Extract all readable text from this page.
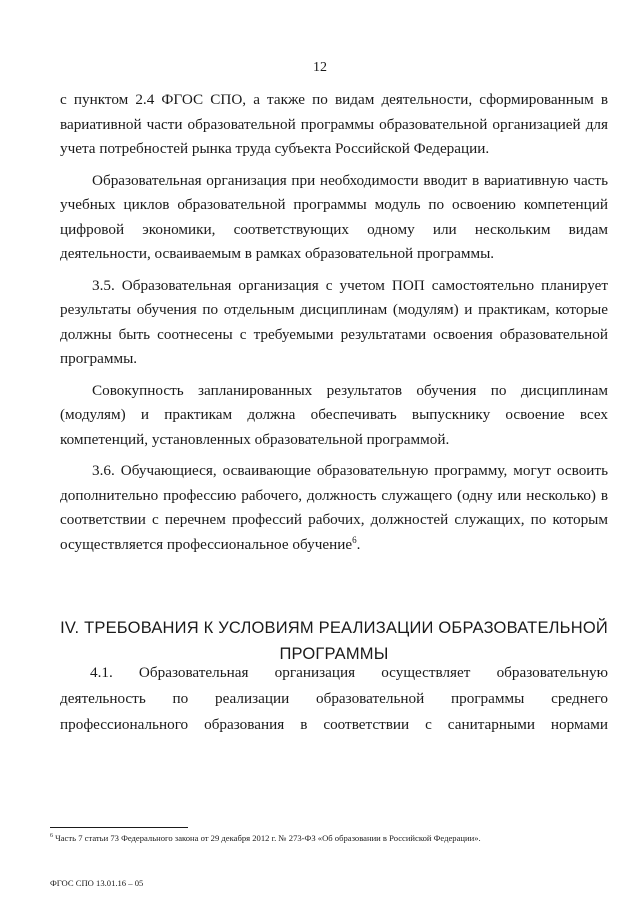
12

с пунктом 2.4 ФГОС СПО, а также по видам деятельности, сформированным в вариативной части образовательной программы образовательной организацией для учета потребностей рынка труда субъекта Российской Федерации.

Образовательная организация при необходимости вводит в вариативную часть учебных циклов образовательной программы модуль по освоению компетенций цифровой экономики, соответствующих одному или нескольким видам деятельности, осваиваемым в рамках образовательной программы.

3.5. Образовательная организация с учетом ПОП самостоятельно планирует результаты обучения по отдельным дисциплинам (модулям) и практикам, которые должны быть соотнесены с требуемыми результатами освоения образовательной программы.

Совокупность запланированных результатов обучения по дисциплинам (модулям) и практикам должна обеспечивать выпускнику освоение всех компетенций, установленных образовательной программой.

3.6. Обучающиеся, осваивающие образовательную программу, могут освоить дополнительно профессию рабочего, должность служащего (одну или несколько) в соответствии с перечнем профессий рабочих, должностей служащих, по которым осуществляется профессиональное обучение$^6$.

IV. ТРЕБОВАНИЯ К УСЛОВИЯМ РЕАЛИЗАЦИИ ОБРАЗОВАТЕЛЬНОЙ
ПРОГРАММЫ
4.1. Образовательная организация осуществляет образовательную
деятельность по реализации образовательной программы среднего
профессионального образования в соответствии с санитарными нормами
$^6$ Часть 7 статьи 73 Федерального закона от 29 декабря 2012 г. № 273-ФЗ «Об образовании в Российской Федерации».
ФГОС СПО 13.01.16 – 05
